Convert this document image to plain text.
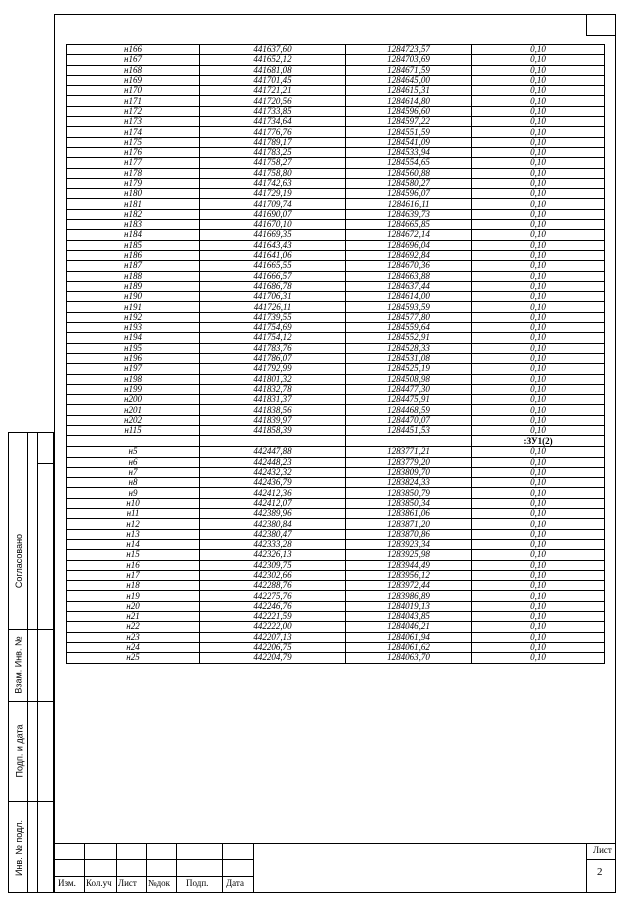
Согласовано
Взам. Инв. №
Подп. и дата
Инв. № подл.
н166	441637,60	1284723,57	0,10
н167	441652,12	1284703,69	0,10
н168	441681,08	1284671,59	0,10
н169	441701,45	1284645,00	0,10
н170	441721,21	1284615,31	0,10
н171	441720,56	1284614,80	0,10
н172	441733,85	1284596,60	0,10
н173	441734,64	1284597,22	0,10
н174	441776,76	1284551,59	0,10
н175	441789,17	1284541,09	0,10
н176	441783,25	1284533,94	0,10
н177	441758,27	1284554,65	0,10
н178	441758,80	1284560,88	0,10
н179	441742,63	1284580,27	0,10
н180	441729,19	1284596,07	0,10
н181	441709,74	1284616,11	0,10
н182	441690,07	1284639,73	0,10
н183	441670,10	1284665,85	0,10
н184	441669,35	1284672,14	0,10
н185	441643,43	1284696,04	0,10
н186	441641,06	1284692,84	0,10
н187	441665,55	1284670,36	0,10
н188	441666,57	1284663,88	0,10
н189	441686,78	1284637,44	0,10
н190	441706,31	1284614,00	0,10
н191	441726,11	1284593,59	0,10
н192	441739,55	1284577,80	0,10
н193	441754,69	1284559,64	0,10
н194	441754,12	1284552,91	0,10
н195	441783,76	1284528,33	0,10
н196	441786,07	1284531,08	0,10
н197	441792,99	1284525,19	0,10
н198	441801,32	1284508,98	0,10
н199	441832,78	1284477,30	0,10
н200	441831,37	1284475,91	0,10
н201	441838,56	1284468,59	0,10
н202	441839,97	1284470,07	0,10
н115	441858,39	1284451,53	0,10
			:ЗУ1(2)
н5	442447,88	1283771,21	0,10
н6	442448,23	1283779,20	0,10
н7	442432,32	1283809,70	0,10
н8	442436,79	1283824,33	0,10
н9	442412,36	1283850,79	0,10
н10	442412,07	1283850,34	0,10
н11	442389,96	1283861,06	0,10
н12	442380,84	1283871,20	0,10
н13	442380,47	1283870,86	0,10
н14	442333,28	1283923,34	0,10
н15	442326,13	1283925,98	0,10
н16	442309,75	1283944,49	0,10
н17	442302,66	1283956,12	0,10
н18	442288,76	1283972,44	0,10
н19	442275,76	1283986,89	0,10
н20	442246,76	1284019,13	0,10
н21	442221,59	1284043,85	0,10
н22	442222,00	1284046,21	0,10
н23	442207,13	1284061,94	0,10
н24	442206,75	1284061,62	0,10
н25	442204,79	1284063,70	0,10
Изм. Кол.уч Лист №док Подп. Дата
Лист
2
